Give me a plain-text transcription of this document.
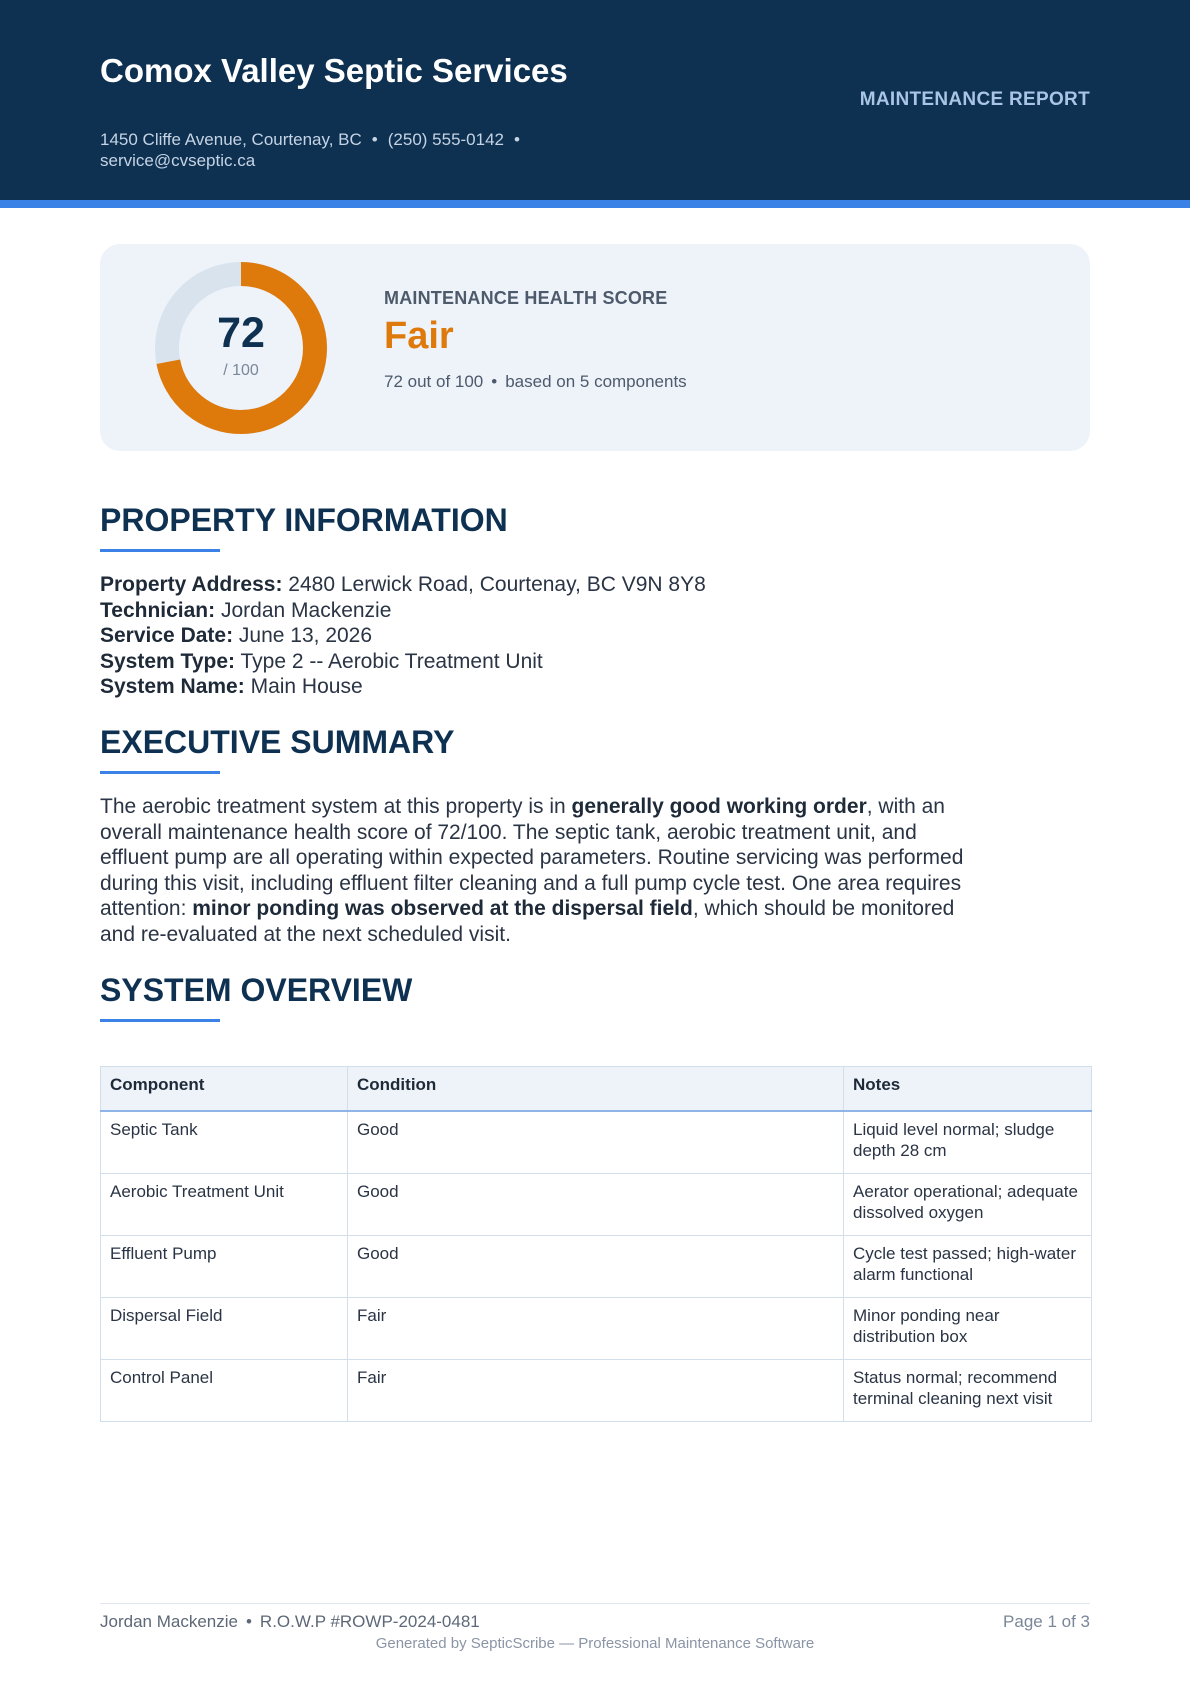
Comox Valley Septic Services
1450 Cliffe Avenue, Courtenay, BC • (250) 555-0142 •
service@cvseptic.ca
MAINTENANCE REPORT
72
/ 100
MAINTENANCE HEALTH SCORE
Fair
72 out of 100 • based on 5 components
PROPERTY INFORMATION
Property Address: 2480 Lerwick Road, Courtenay, BC V9N 8Y8
Technician: Jordan Mackenzie
Service Date: June 13, 2026
System Type: Type 2 -- Aerobic Treatment Unit
System Name: Main House
EXECUTIVE SUMMARY

The aerobic treatment system at this property is in generally good working order, with an overall maintenance health score of 72/100. The septic tank, aerobic treatment unit, and effluent pump are all operating within expected parameters. Routine servicing was performed during this visit, including effluent filter cleaning and a full pump cycle test. One area requires attention: minor ponding was observed at the dispersal field, which should be monitored and re-evaluated at the next scheduled visit.

SYSTEM OVERVIEW
Component	Condition	Notes
Septic Tank	Good	Liquid level normal; sludge depth 28 cm
Aerobic Treatment Unit	Good	Aerator operational; adequate dissolved oxygen
Effluent Pump	Good	Cycle test passed; high-water alarm functional
Dispersal Field	Fair	Minor ponding near distribution box
Control Panel	Fair	Status normal; recommend terminal cleaning next visit
Jordan Mackenzie • R.O.W.P #ROWP-2024-0481	Page 1 of 3
Generated by SepticScribe — Professional Maintenance Software
